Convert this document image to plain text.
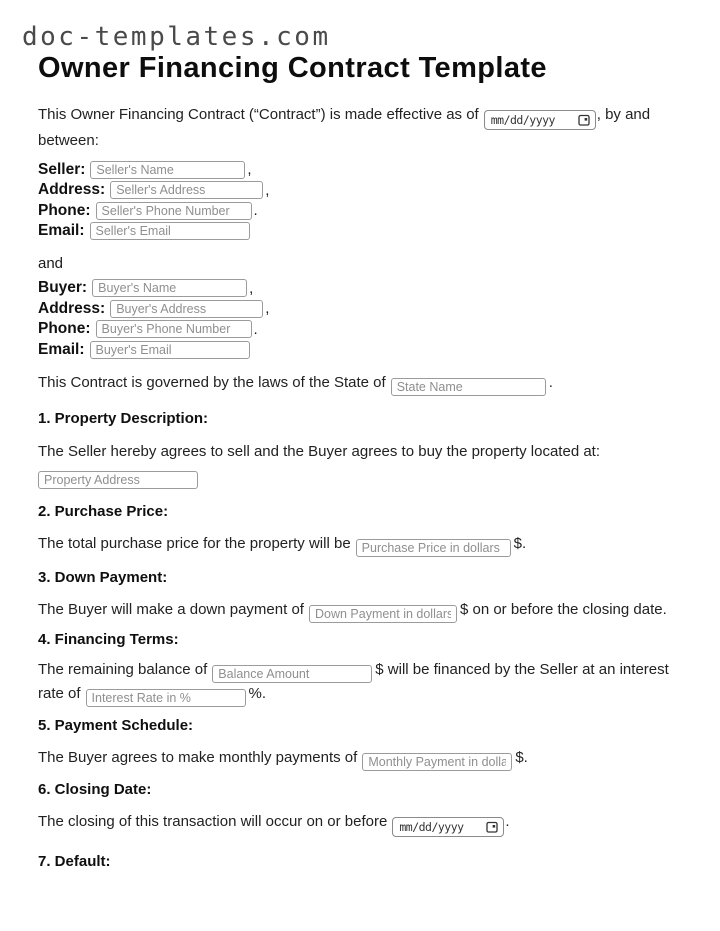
doc-templates.com
Owner Financing Contract Template
This Owner Financing Contract (“Contract”) is made effective as of mm/dd/yyyy	, by and between:
Seller:
Seller's Name	,
Address:
Seller's Address	,
Phone:
Seller's Phone Number	.
Email:
Seller's Email
and
Buyer:
Buyer's Name	,
Address:
Buyer's Address	,
Phone:
Buyer's Phone Number	.
Email:
Buyer's Email
This Contract is governed by the laws of the State ofState Name	.
1. Property Description:
The Seller hereby agrees to sell and the Buyer agrees to buy the property located at:
Property Address
2. Purchase Price:
The total purchase price for the property will bePurchase Price in dollars	$.
3. Down Payment:
The Buyer will make a down payment ofDown Payment in dollars	$ on or before the closing date.
4. Financing Terms:
The remaining balance ofBalance Amount	$ will be financed by the Seller at an interest rate ofInterest Rate in %	%.
5. Payment Schedule:
The Buyer agrees to make monthly payments ofMonthly Payment in dollars	$.
6. Closing Date:
The closing of this transaction will occur on or before mm/dd/yyyy	.
7. Default:
